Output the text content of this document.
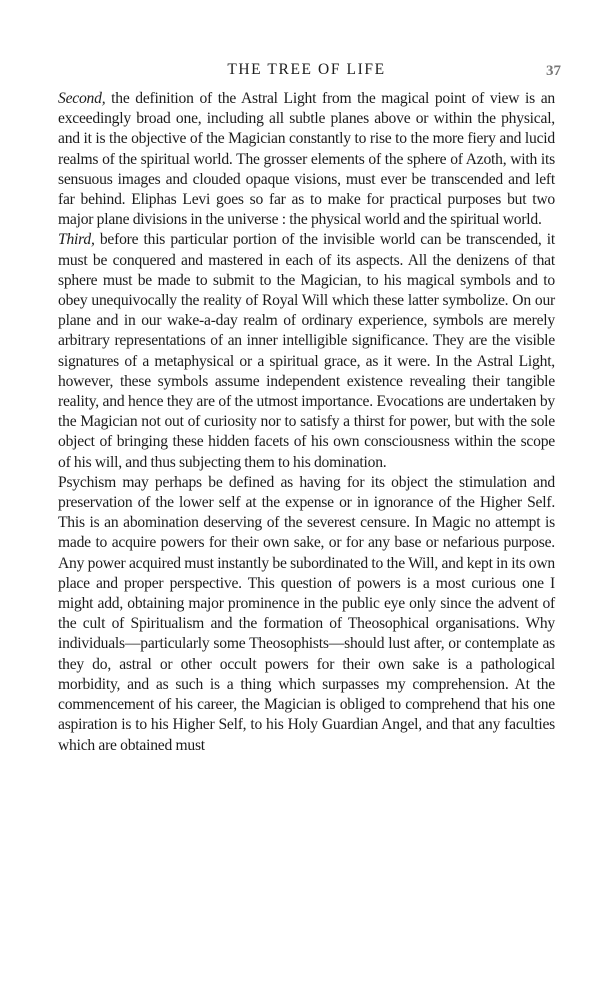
THE TREE OF LIFE	37

Second, the definition of the Astral Light from the magical point of view is an exceedingly broad one, including all subtle planes above or within the physical, and it is the objective of the Magician constantly to rise to the more fiery and lucid realms of the spiritual world. The grosser elements of the sphere of Azoth, with its sensuous images and clouded opaque visions, must ever be transcended and left far behind. Eliphas Levi goes so far as to make for practical purposes but two major plane divisions in the universe : the physical world and the spiritual world.

Third, before this particular portion of the invisible world can be transcended, it must be conquered and mastered in each of its aspects. All the denizens of that sphere must be made to submit to the Magician, to his magical symbols and to obey unequivocally the reality of Royal Will which these latter symbolize. On our plane and in our wake-a-day realm of ordinary experience, symbols are merely arbitrary representations of an inner intelligible significance. They are the visible signatures of a metaphysical or a spiritual grace, as it were. In the Astral Light, however, these symbols assume independent existence revealing their tangible reality, and hence they are of the utmost importance. Evocations are undertaken by the Magician not out of curiosity nor to satisfy a thirst for power, but with the sole object of bringing these hidden facets of his own consciousness within the scope of his will, and thus subjecting them to his domination.

Psychism may perhaps be defined as having for its object the stimulation and preservation of the lower self at the expense or in ignorance of the Higher Self. This is an abomination deserving of the severest censure. In Magic no attempt is made to acquire powers for their own sake, or for any base or nefarious purpose. Any power acquired must instantly be subordinated to the Will, and kept in its own place and proper perspective. This question of powers is a most curious one I might add, obtaining major prominence in the public eye only since the advent of the cult of Spiritualism and the formation of Theosophical organisations. Why individuals—particularly some Theosophists—should lust after, or contemplate as they do, astral or other occult powers for their own sake is a pathological morbidity, and as such is a thing which surpasses my comprehension. At the commencement of his career, the Magician is obliged to comprehend that his one aspiration is to his Higher Self, to his Holy Guardian Angel, and that any faculties which are obtained must
